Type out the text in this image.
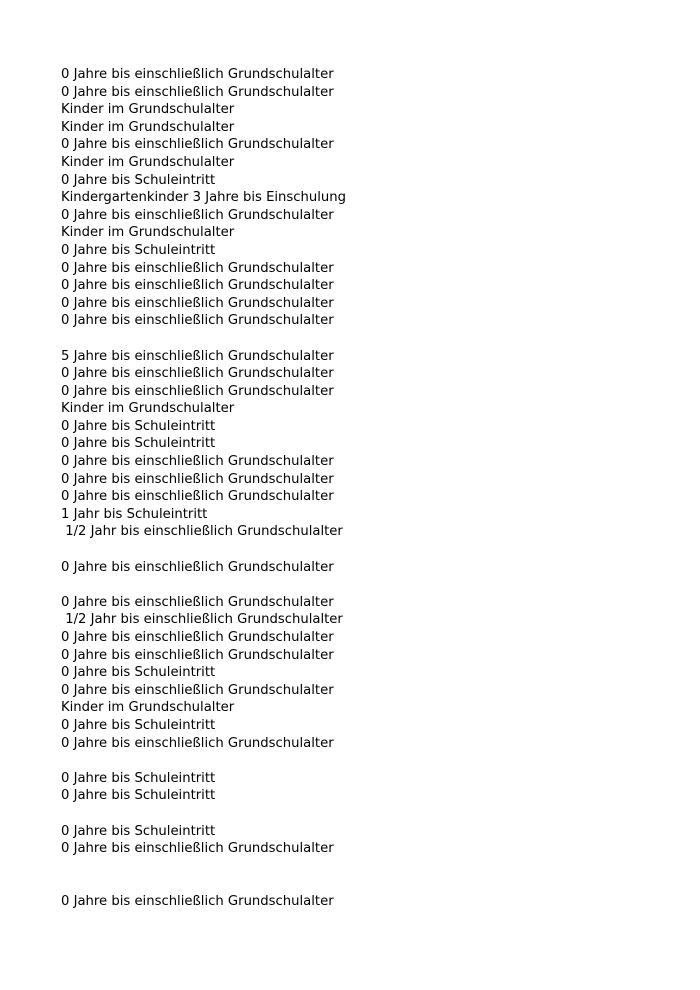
0 Jahre bis einschließlich Grundschulalter
0 Jahre bis einschließlich Grundschulalter
Kinder im Grundschulalter
Kinder im Grundschulalter
0 Jahre bis einschließlich Grundschulalter
Kinder im Grundschulalter
0 Jahre bis Schuleintritt
Kindergartenkinder 3 Jahre bis Einschulung
0 Jahre bis einschließlich Grundschulalter
Kinder im Grundschulalter
0 Jahre bis Schuleintritt
0 Jahre bis einschließlich Grundschulalter
0 Jahre bis einschließlich Grundschulalter
0 Jahre bis einschließlich Grundschulalter
0 Jahre bis einschließlich Grundschulalter
5 Jahre bis einschließlich Grundschulalter
0 Jahre bis einschließlich Grundschulalter
0 Jahre bis einschließlich Grundschulalter
Kinder im Grundschulalter
0 Jahre bis Schuleintritt
0 Jahre bis Schuleintritt
0 Jahre bis einschließlich Grundschulalter
0 Jahre bis einschließlich Grundschulalter
0 Jahre bis einschließlich Grundschulalter
1 Jahr bis Schuleintritt
1/2 Jahr bis einschließlich Grundschulalter
0 Jahre bis einschließlich Grundschulalter
0 Jahre bis einschließlich Grundschulalter
1/2 Jahr bis einschließlich Grundschulalter
0 Jahre bis einschließlich Grundschulalter
0 Jahre bis einschließlich Grundschulalter
0 Jahre bis Schuleintritt
0 Jahre bis einschließlich Grundschulalter
Kinder im Grundschulalter
0 Jahre bis Schuleintritt
0 Jahre bis einschließlich Grundschulalter
0 Jahre bis Schuleintritt
0 Jahre bis Schuleintritt
0 Jahre bis Schuleintritt
0 Jahre bis einschließlich Grundschulalter
0 Jahre bis einschließlich Grundschulalter
